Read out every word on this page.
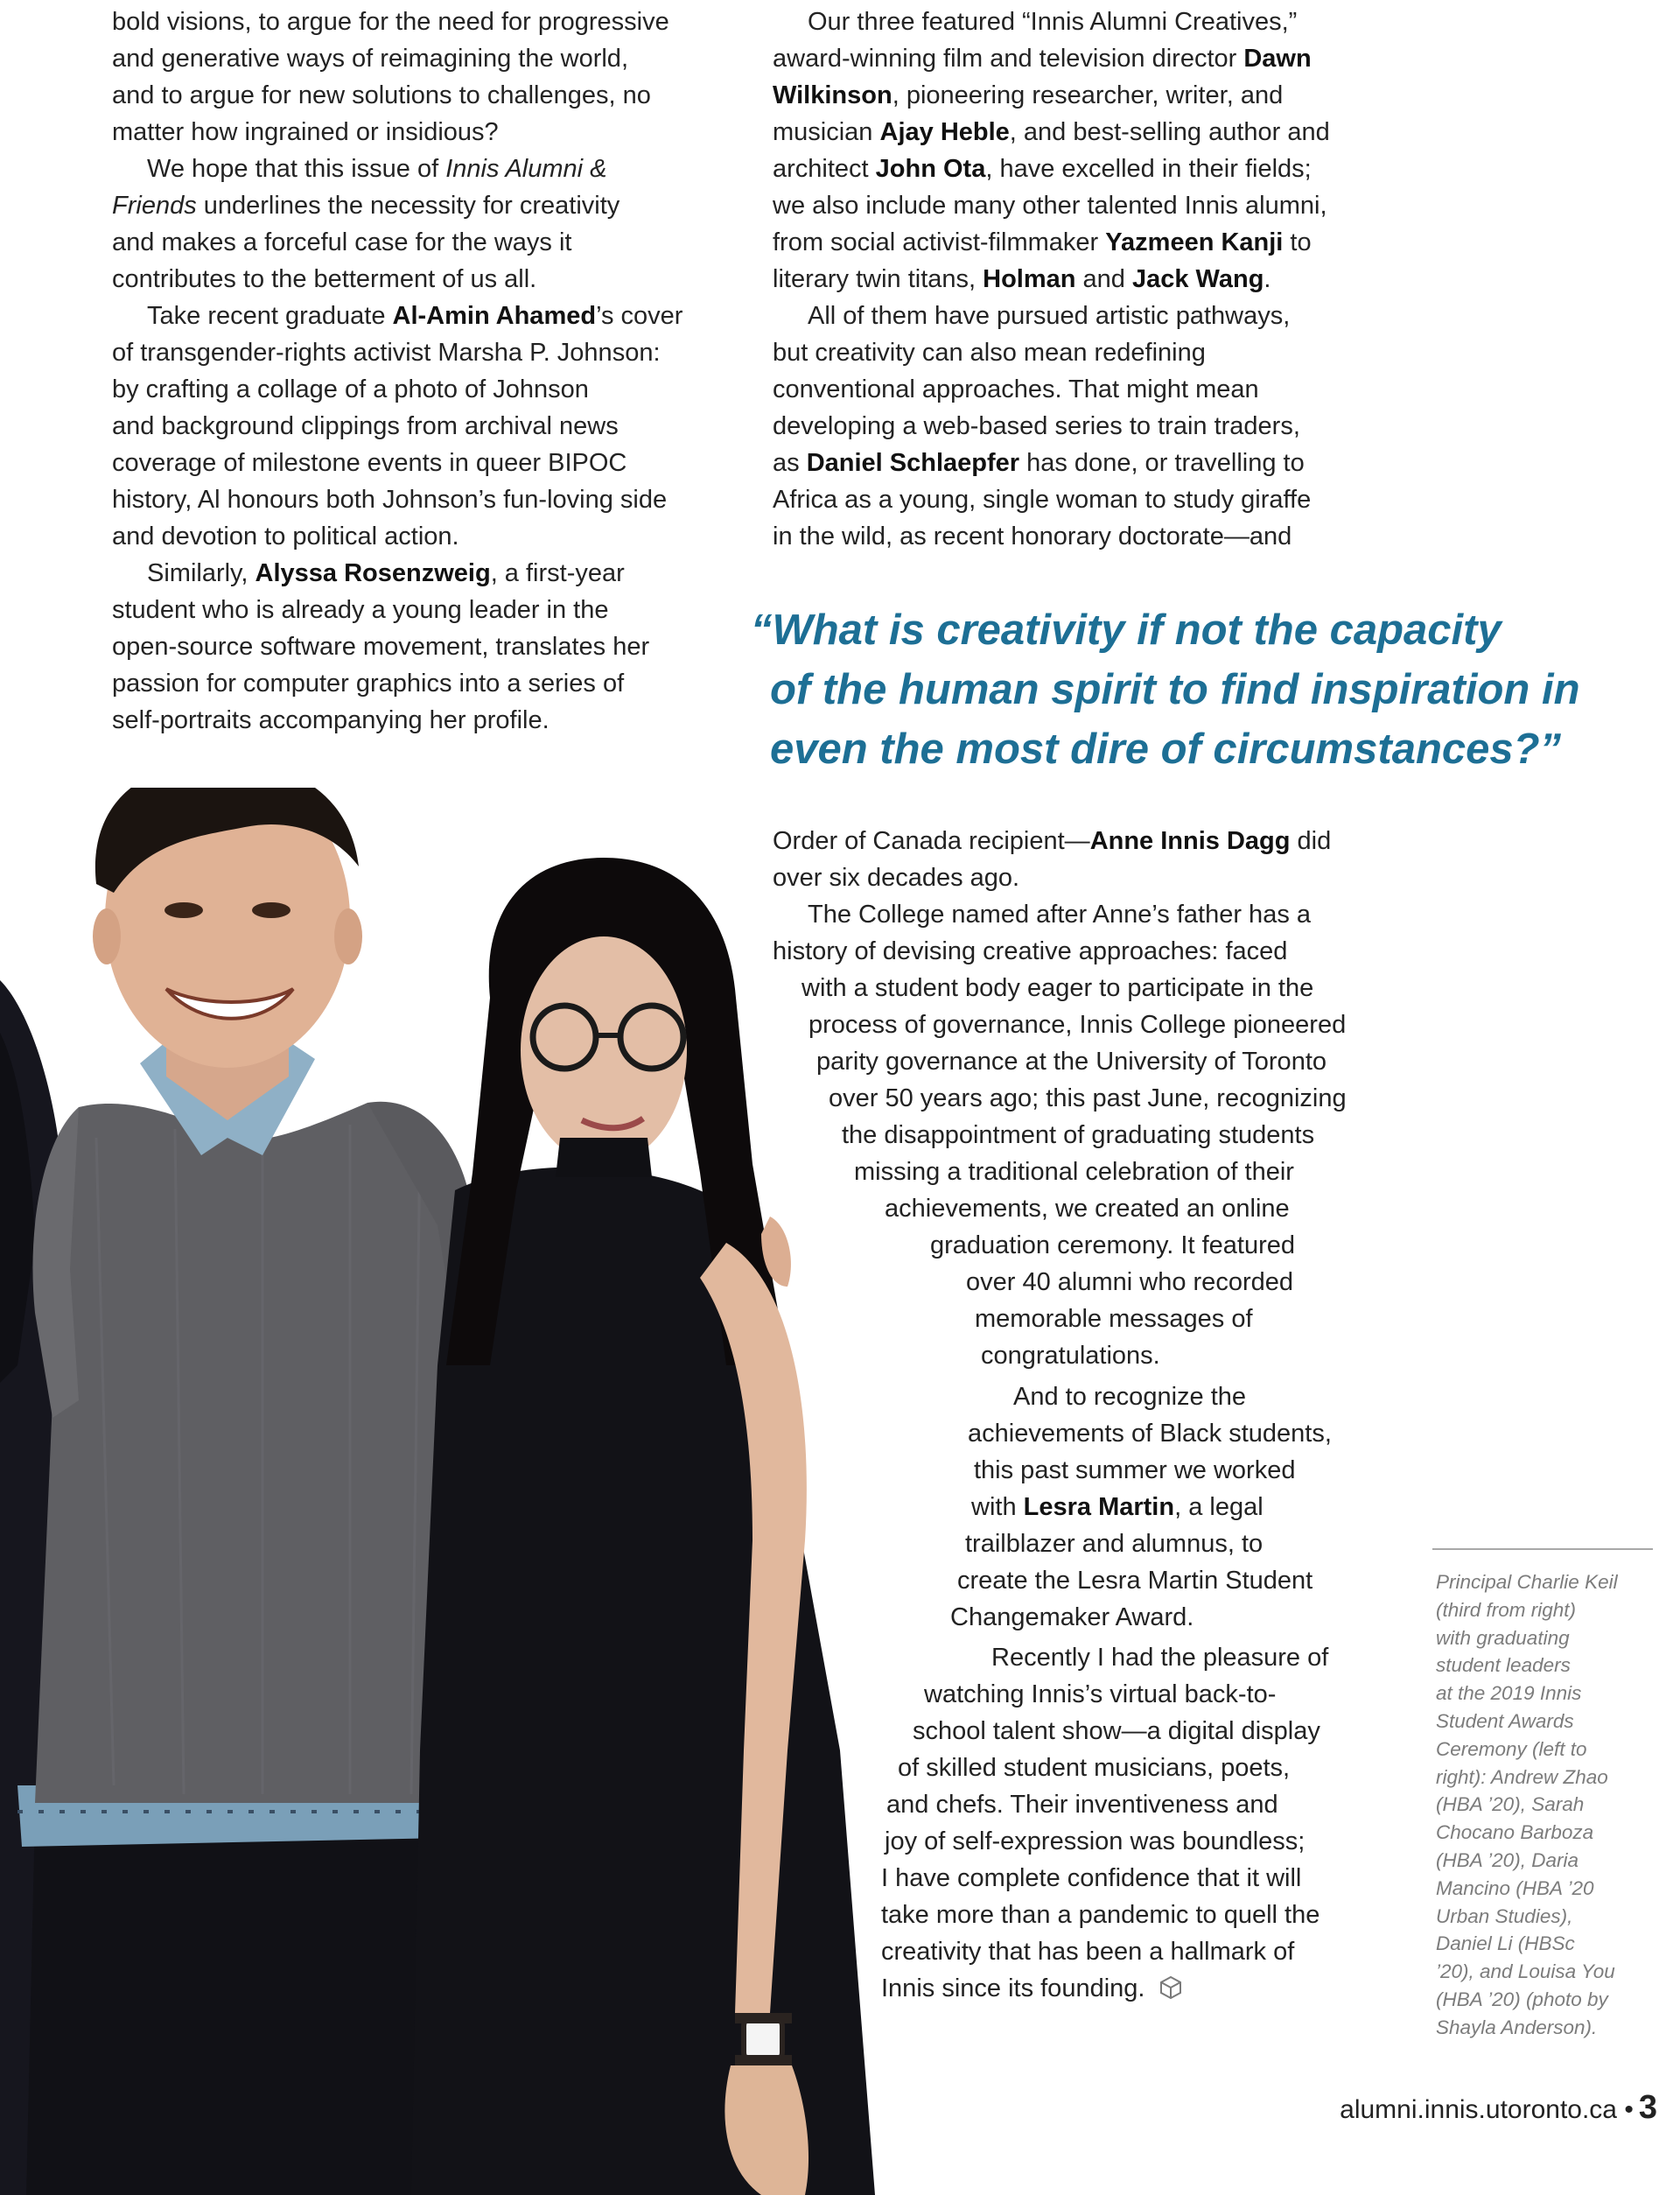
bold visions, to argue for the need for progressive
and generative ways of reimagining the world,
and to argue for new solutions to challenges, no
matter how ingrained or insidious?
We hope that this issue of Innis Alumni &
Friends underlines the necessity for creativity
and makes a forceful case for the ways it
contributes to the betterment of us all.
Take recent graduate Al-Amin Ahamed’s cover
of transgender-rights activist Marsha P. Johnson:
by crafting a collage of a photo of Johnson
and background clippings from archival news
coverage of milestone events in queer BIPOC
history, Al honours both Johnson’s fun-loving side
and devotion to political action.
Similarly, Alyssa Rosenzweig, a first-year
student who is already a young leader in the
open-source software movement, translates her
passion for computer graphics into a series of
self-portraits accompanying her profile.
Our three featured “Innis Alumni Creatives,”
award-winning film and television director Dawn
Wilkinson, pioneering researcher, writer, and
musician Ajay Heble, and best-selling author and
architect John Ota, have excelled in their fields;
we also include many other talented Innis alumni,
from social activist-filmmaker Yazmeen Kanji to
literary twin titans, Holman and Jack Wang.
All of them have pursued artistic pathways,
but creativity can also mean redefining
conventional approaches. That might mean
developing a web-based series to train traders,
as Daniel Schlaepfer has done, or travelling to
Africa as a young, single woman to study giraffe
in the wild, as recent honorary doctorate—and
“What is creativity if not the capacity
of the human spirit to find inspiration in
even the most dire of circumstances?”
Order of Canada recipient—Anne Innis Dagg did
over six decades ago.
The College named after Anne’s father has a
history of devising creative approaches: faced
with a student body eager to participate in the
process of governance, Innis College pioneered
parity governance at the University of Toronto
over 50 years ago; this past June, recognizing
the disappointment of graduating students
missing a traditional celebration of their
achievements, we created an online
graduation ceremony. It featured
over 40 alumni who recorded
memorable messages of
congratulations.
And to recognize the
achievements of Black students,
this past summer we worked
with Lesra Martin, a legal
trailblazer and alumnus, to
create the Lesra Martin Student
Changemaker Award.
Recently I had the pleasure of
watching Innis’s virtual back-to-
school talent show—a digital display
of skilled student musicians, poets,
and chefs. Their inventiveness and
joy of self-expression was boundless;
I have complete confidence that it will
take more than a pandemic to quell the
creativity that has been a hallmark of
Innis since its founding.
Principal Charlie Keil
(third from right)
with graduating
student leaders
at the 2019 Innis
Student Awards
Ceremony (left to
right): Andrew Zhao
(HBA ’20), Sarah
Chocano Barboza
(HBA ’20), Daria
Mancino (HBA ’20
Urban Studies),
Daniel Li (HBSc
’20), and Louisa You
(HBA ’20) (photo by
Shayla Anderson).
alumni.innis.utoronto.ca • 3
